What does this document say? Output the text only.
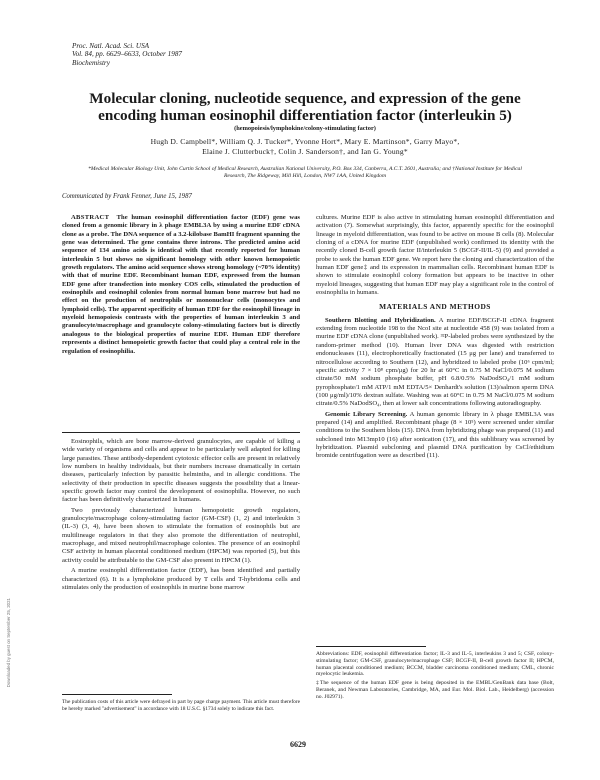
Proc. Natl. Acad. Sci. USA
Vol. 84, pp. 6629–6633, October 1987
Biochemistry
Molecular cloning, nucleotide sequence, and expression of the gene encoding human eosinophil differentiation factor (interleukin 5)
(hemopoiesis/lymphokine/colony-stimulating factor)
Hugh D. Campbell*, William Q. J. Tucker*, Yvonne Hort*, Mary E. Martinson*, Garry Mayo*,
Elaine J. Clutterbuck†, Colin J. Sanderson†, and Ian G. Young*
*Medical Molecular Biology Unit, John Curtin School of Medical Research, Australian National University, P.O. Box 334, Canberra, A.C.T. 2601, Australia; and †National Institute for Medical Research, The Ridgeway, Mill Hill, London, NW7 1AA, United Kingdom
Communicated by Frank Fenner, June 15, 1987

ABSTRACT The human eosinophil differentiation factor (EDF) gene was cloned from a genomic library in λ phage EMBL3A by using a murine EDF cDNA clone as a probe. The DNA sequence of a 3.2-kilobase BamHI fragment spanning the gene was determined. The gene contains three introns. The predicted amino acid sequence of 134 amino acids is identical with that recently reported for human interleukin 5 but shows no significant homology with other known hemopoietic growth regulators. The amino acid sequence shows strong homology (~70% identity) with that of murine EDF. Recombinant human EDF, expressed from the human EDF gene after transfection into monkey COS cells, stimulated the production of eosinophils and eosinophil colonies from normal human bone marrow but had no effect on the production of neutrophils or mononuclear cells (monocytes and lymphoid cells). The apparent specificity of human EDF for the eosinophil lineage in myeloid hemopoiesis contrasts with the properties of human interleukin 3 and granulocyte/macrophage and granulocyte colony-stimulating factors but is directly analogous to the biological properties of murine EDF. Human EDF therefore represents a distinct hemopoietic growth factor that could play a central role in the regulation of eosinophilia.

Eosinophils, which are bone marrow-derived granulocytes, are capable of killing a wide variety of organisms and cells and appear to be particularly well adapted for killing large parasites. These antibody-dependent cytotoxic effector cells are present in relatively low numbers in healthy individuals, but their numbers increase dramatically in certain diseases, particularly infection by parasitic helminths, and in allergic conditions. The selectivity of their production in specific diseases suggests the possibility that a linear-specific growth factor may control the development of eosinophilia. However, no such factor has been definitively characterized in humans.

Two previously characterized human hemopoietic growth regulators, granulocyte/macrophage colony-stimulating factor (GM-CSF) (1, 2) and interleukin 3 (IL-3) (3, 4), have been shown to stimulate the formation of eosinophils but are multilineage regulators in that they also promote the differentiation of neutrophil, macrophage, and mixed neutrophil/macrophage colonies. The presence of an eosinophil CSF activity in human placental conditioned medium (HPCM) was reported (5), but this activity could be attributable to the GM-CSF also present in HPCM (1).

A murine eosinophil differentiation factor (EDF), has been identified and partially characterized (6). It is a lymphokine produced by T cells and T-hybridoma cells and stimulates only the production of eosinophils in murine bone marrow

The publication costs of this article were defrayed in part by page charge payment. This article must therefore be hereby marked "advertisement" in accordance with 18 U.S.C. §1734 solely to indicate this fact.

cultures. Murine EDF is also active in stimulating human eosinophil differentiation and activation (7). Somewhat surprisingly, this factor, apparently specific for the eosinophil lineage in myeloid differentiation, was found to be active on mouse B cells (8). Molecular cloning of a cDNA for murine EDF (unpublished work) confirmed its identity with the recently cloned B-cell growth factor II/interleukin 5 (BCGF-II/IL-5) (9) and provided a probe to seek the human EDF gene. We report here the cloning and characterization of the human EDF gene‡ and its expression in mammalian cells. Recombinant human EDF is shown to stimulate eosinophil colony formation but appears to be inactive in other myeloid lineages, suggesting that human EDF may play a significant role in the control of eosinophilia in humans.

MATERIALS AND METHODS

Southern Blotting and Hybridization. A murine EDF/BCGF-II cDNA fragment extending from nucleotide 198 to the NcoI site at nucleotide 458 (9) was isolated from a murine EDF cDNA clone (unpublished work). ³²P-labeled probes were synthesized by the random-primer method (10). Human liver DNA was digested with restriction endonucleases (11), electrophoretically fractionated (15 μg per lane) and transferred to nitrocellulose according to Southern (12), and hybridized to labeled probe (10⁶ cpm/ml; specific activity 7 × 10⁸ cpm/μg) for 20 hr at 60°C in 0.75 M NaCl/0.075 M sodium citrate/50 mM sodium phosphate buffer, pH 6.8/0.5% NaDodSO₄/1 mM sodium pyrophosphate/1 mM ATP/1 mM EDTA/5× Denhardt's solution (13)/salmon sperm DNA (100 μg/ml)/10% dextran sulfate. Washing was at 60°C in 0.75 M NaCl/0.075 M sodium citrate/0.5% NaDodSO₄, then at lower salt concentrations following autoradiography.

Genomic Library Screening. A human genomic library in λ phage EMBL3A was prepared (14) and amplified. Recombinant phage (8 × 10⁵) were screened under similar conditions to the Southern blots (15). DNA from hybridizing phage was prepared (11) and subcloned into M13mp10 (16) after sonication (17), and this sublibrary was screened by hybridization. Plasmid subcloning and plasmid DNA purification by CsCl/ethidium bromide centrifugation were as described (11).

Abbreviations: EDF, eosinophil differentiation factor; IL-3 and IL-5, interleukins 3 and 5; CSF, colony-stimulating factor; GM-CSF, granulocyte/macrophage CSF; BCGF-II, B-cell growth factor II; HPCM, human placental conditioned medium; BCCM, bladder carcinoma conditioned medium; CML, chronic myelocytic leukemia.

‡The sequence of the human EDF gene is being deposited in the EMBL/GenBank data base (Bolt, Beranek, and Newman Laboratories, Cambridge, MA, and Eur. Mol. Biol. Lab., Heidelberg) (accession no. J02971).

6629
Downloaded by guest on September 25, 2021
